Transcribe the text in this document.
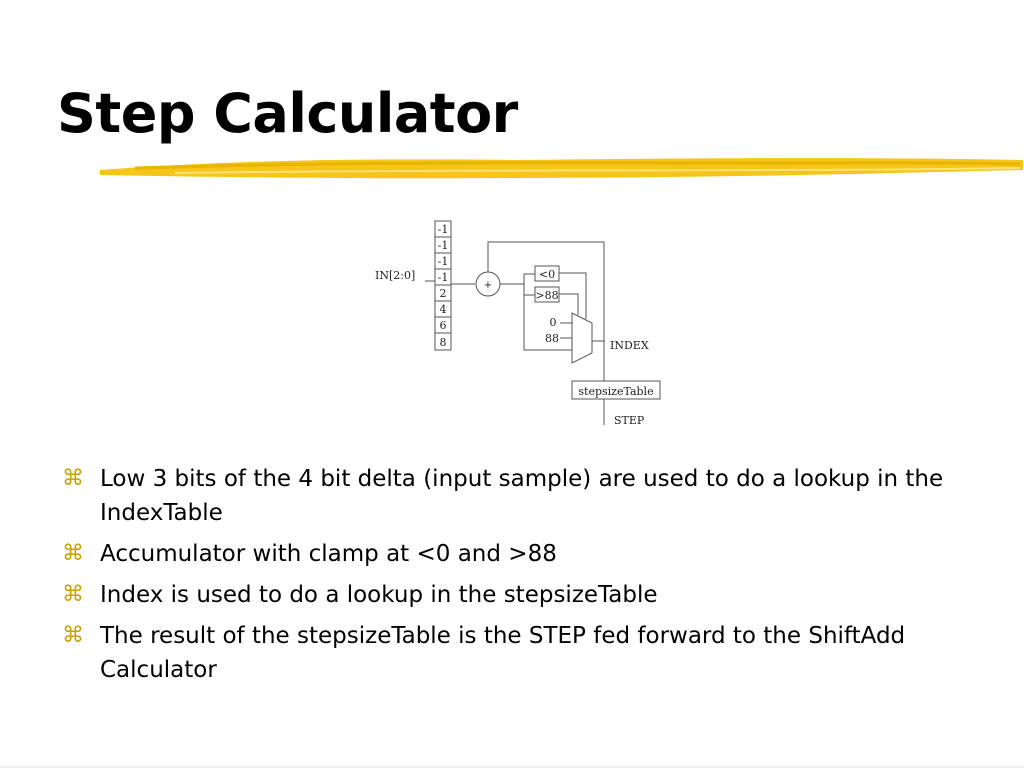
Step Calculator
-1
-1
-1
-1
2
4
6
8
IN[2:0]
+
<0
>88
0
88
INDEX
stepsizeTable
STEP
⌘ Low 3 bits of the 4 bit delta (input sample) are used to do a lookup in the IndexTable
⌘ Accumulator with clamp at <0 and >88
⌘ Index is used to do a lookup in the stepsizeTable
⌘ The result of the stepsizeTable is the STEP fed forward to the ShiftAdd Calculator
